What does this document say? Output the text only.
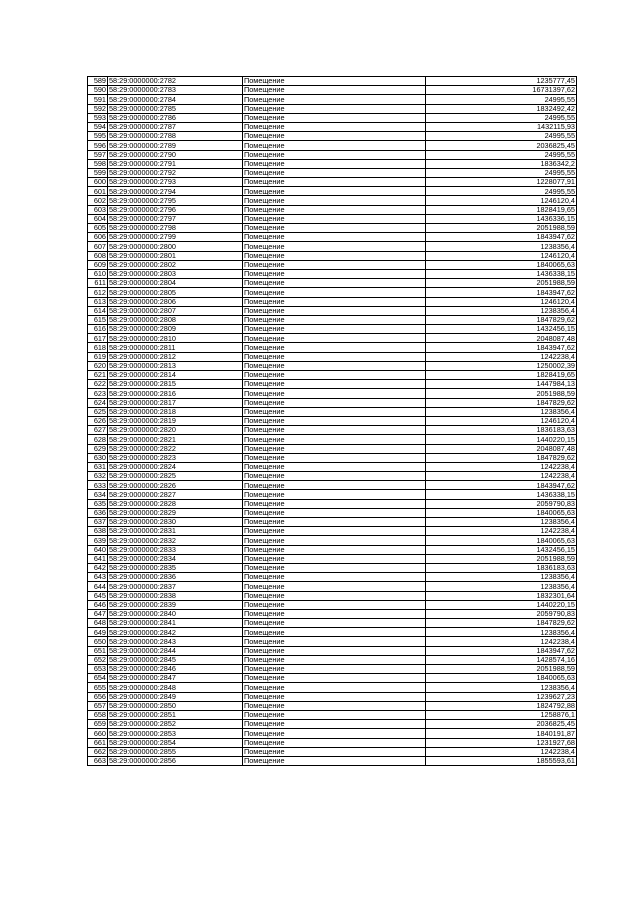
589	58:29:0000000:2782	Помещение	1235777,45
590	58:29:0000000:2783	Помещение	16731397,62
591	58:29:0000000:2784	Помещение	24995,55
592	58:29:0000000:2785	Помещение	1832492,42
593	58:29:0000000:2786	Помещение	24995,55
594	58:29:0000000:2787	Помещение	1432115,93
595	58:29:0000000:2788	Помещение	24995,55
596	58:29:0000000:2789	Помещение	2036825,45
597	58:29:0000000:2790	Помещение	24995,55
598	58:29:0000000:2791	Помещение	1836342,2
599	58:29:0000000:2792	Помещение	24995,55
600	58:29:0000000:2793	Помещение	1228077,91
601	58:29:0000000:2794	Помещение	24995,55
602	58:29:0000000:2795	Помещение	1246120,4
603	58:29:0000000:2796	Помещение	1828419,65
604	58:29:0000000:2797	Помещение	1436336,15
605	58:29:0000000:2798	Помещение	2051988,59
606	58:29:0000000:2799	Помещение	1843947,62
607	58:29:0000000:2800	Помещение	1238356,4
608	58:29:0000000:2801	Помещение	1246120,4
609	58:29:0000000:2802	Помещение	1840065,63
610	58:29:0000000:2803	Помещение	1436338,15
611	58:29:0000000:2804	Помещение	2051988,59
612	58:29:0000000:2805	Помещение	1843947,62
613	58:29:0000000:2806	Помещение	1246120,4
614	58:29:0000000:2807	Помещение	1238356,4
615	58:29:0000000:2808	Помещение	1847829,62
616	58:29:0000000:2809	Помещение	1432456,15
617	58:29:0000000:2810	Помещение	2048087,48
618	58:29:0000000:2811	Помещение	1843947,62
619	58:29:0000000:2812	Помещение	1242238,4
620	58:29:0000000:2813	Помещение	1250002,39
621	58:29:0000000:2814	Помещение	1828419,65
622	58:29:0000000:2815	Помещение	1447984,13
623	58:29:0000000:2816	Помещение	2051988,59
624	58:29:0000000:2817	Помещение	1847829,62
625	58:29:0000000:2818	Помещение	1238356,4
626	58:29:0000000:2819	Помещение	1246120,4
627	58:29:0000000:2820	Помещение	1836183,63
628	58:29:0000000:2821	Помещение	1440220,15
629	58:29:0000000:2822	Помещение	2048087,48
630	58:29:0000000:2823	Помещение	1847829,62
631	58:29:0000000:2824	Помещение	1242238,4
632	58:29:0000000:2825	Помещение	1242238,4
633	58:29:0000000:2826	Помещение	1843947,62
634	58:29:0000000:2827	Помещение	1436338,15
635	58:29:0000000:2828	Помещение	2059790,83
636	58:29:0000000:2829	Помещение	1840065,63
637	58:29:0000000:2830	Помещение	1238356,4
638	58:29:0000000:2831	Помещение	1242238,4
639	58:29:0000000:2832	Помещение	1840065,63
640	58:29:0000000:2833	Помещение	1432456,15
641	58:29:0000000:2834	Помещение	2051988,59
642	58:29:0000000:2835	Помещение	1836183,63
643	58:29:0000000:2836	Помещение	1238356,4
644	58:29:0000000:2837	Помещение	1238356,4
645	58:29:0000000:2838	Помещение	1832301,64
646	58:29:0000000:2839	Помещение	1440220,15
647	58:29:0000000:2840	Помещение	2059790,83
648	58:29:0000000:2841	Помещение	1847829,62
649	58:29:0000000:2842	Помещение	1238356,4
650	58:29:0000000:2843	Помещение	1242238,4
651	58:29:0000000:2844	Помещение	1843947,62
652	58:29:0000000:2845	Помещение	1428574,16
653	58:29:0000000:2846	Помещение	2051988,59
654	58:29:0000000:2847	Помещение	1840065,63
655	58:29:0000000:2848	Помещение	1238356,4
656	58:29:0000000:2849	Помещение	1239627,23
657	58:29:0000000:2850	Помещение	1824792,88
658	58:29:0000000:2851	Помещение	1258876,1
659	58:29:0000000:2852	Помещение	2036825,45
660	58:29:0000000:2853	Помещение	1840191,87
661	58:29:0000000:2854	Помещение	1231927,68
662	58:29:0000000:2855	Помещение	1242238,4
663	58:29:0000000:2856	Помещение	1855593,61
